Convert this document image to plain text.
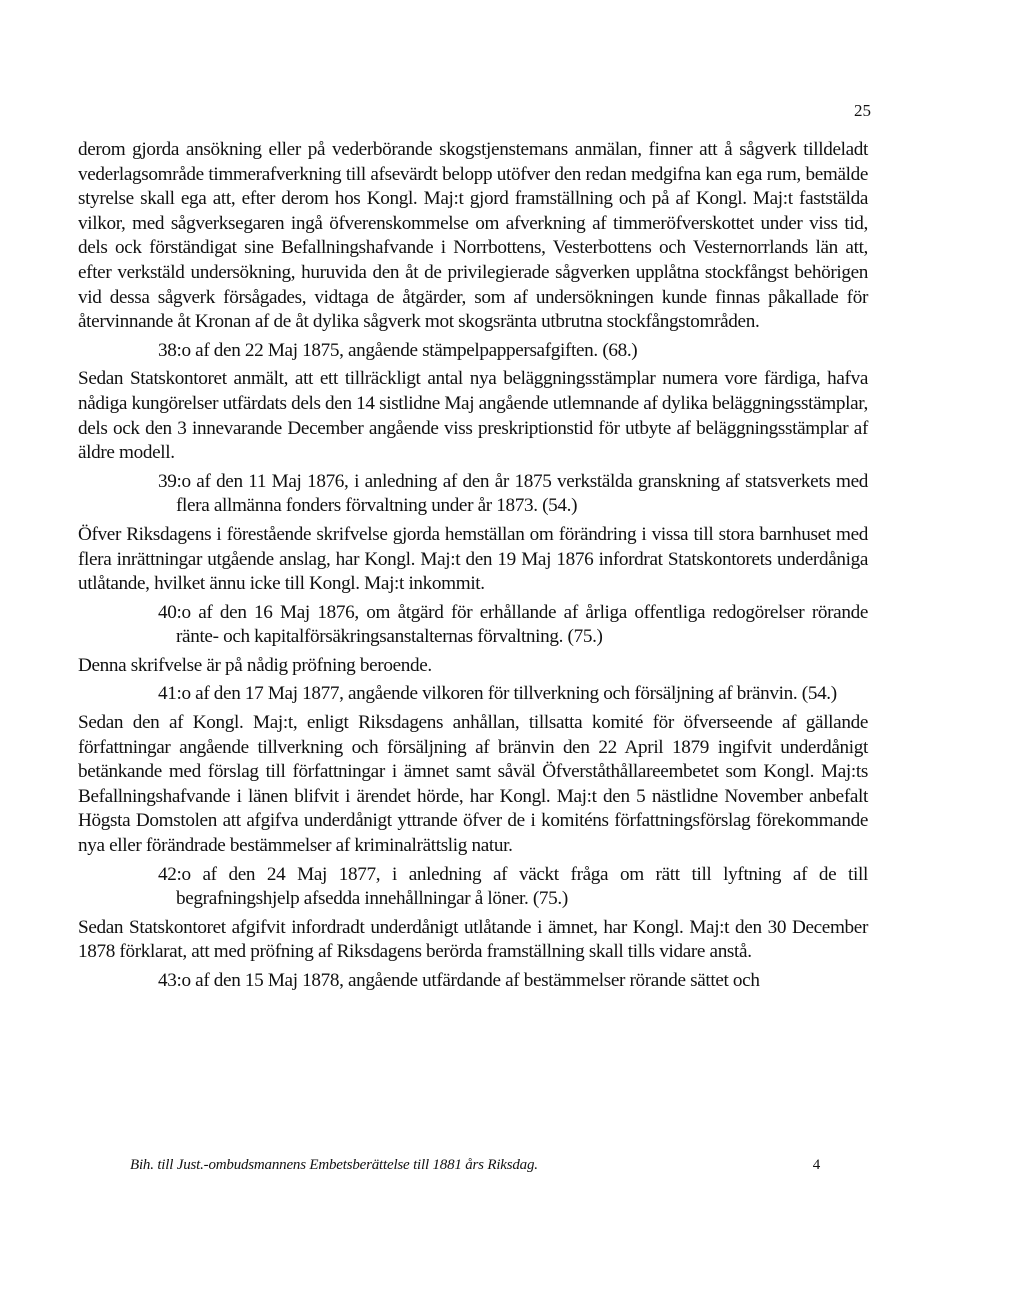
25

derom gjorda ansökning eller på vederbörande skogstjenstemans anmälan, finner att å sågverk tilldeladt vederlagsområde timmerafverkning till afsevärdt belopp utöfver den redan medgifna kan ega rum, bemälde styrelse skall ega att, efter derom hos Kongl. Maj:t gjord framställning och på af Kongl. Maj:t faststälda vilkor, med sågverksegaren ingå öfverenskommelse om afverkning af timmeröfverskottet under viss tid, dels ock förständigat sine Befallningshafvande i Norrbottens, Vesterbottens och Vesternorrlands län att, efter verkstäld undersökning, huruvida den åt de privilegierade sågverken upplåtna stockfångst behörigen vid dessa sågverk försågades, vidtaga de åtgärder, som af undersökningen kunde finnas påkallade för återvinnande åt Kronan af de åt dylika sågverk mot skogsränta utbrutna stockfångstområden.

38:o af den 22 Maj 1875, angående stämpelpappersafgiften. (68.)

Sedan Statskontoret anmält, att ett tillräckligt antal nya beläggningsstämplar numera vore färdiga, hafva nådiga kungörelser utfärdats dels den 14 sistlidne Maj angående utlemnande af dylika beläggningsstämplar, dels ock den 3 innevarande December angående viss preskriptionstid för utbyte af beläggningsstämplar af äldre modell.

39:o af den 11 Maj 1876, i anledning af den år 1875 verkstälda granskning af statsverkets med flera allmänna fonders förvaltning under år 1873. (54.)

Öfver Riksdagens i förestående skrifvelse gjorda hemställan om förändring i vissa till stora barnhuset med flera inrättningar utgående anslag, har Kongl. Maj:t den 19 Maj 1876 infordrat Statskontorets underdåniga utlåtande, hvilket ännu icke till Kongl. Maj:t inkommit.

40:o af den 16 Maj 1876, om åtgärd för erhållande af årliga offentliga redogörelser rörande ränte- och kapitalförsäkringsanstalternas förvaltning. (75.)

Denna skrifvelse är på nådig pröfning beroende.

41:o af den 17 Maj 1877, angående vilkoren för tillverkning och försäljning af bränvin. (54.)

Sedan den af Kongl. Maj:t, enligt Riksdagens anhållan, tillsatta komité för öfverseende af gällande författningar angående tillverkning och försäljning af bränvin den 22 April 1879 ingifvit underdånigt betänkande med förslag till författningar i ämnet samt såväl Öfverståthållareembetet som Kongl. Maj:ts Befallningshafvande i länen blifvit i ärendet hörde, har Kongl. Maj:t den 5 nästlidne November anbefalt Högsta Domstolen att afgifva underdånigt yttrande öfver de i komiténs författningsförslag förekommande nya eller förändrade bestämmelser af kriminalrättslig natur.

42:o af den 24 Maj 1877, i anledning af väckt fråga om rätt till lyftning af de till begrafningshjelp afsedda innehållningar å löner. (75.)

Sedan Statskontoret afgifvit infordradt underdånigt utlåtande i ämnet, har Kongl. Maj:t den 30 December 1878 förklarat, att med pröfning af Riksdagens berörda framställning skall tills vidare anstå.

43:o af den 15 Maj 1878, angående utfärdande af bestämmelser rörande sättet och

Bih. till Just.-ombudsmannens Embetsberättelse till 1881 års Riksdag.	4
